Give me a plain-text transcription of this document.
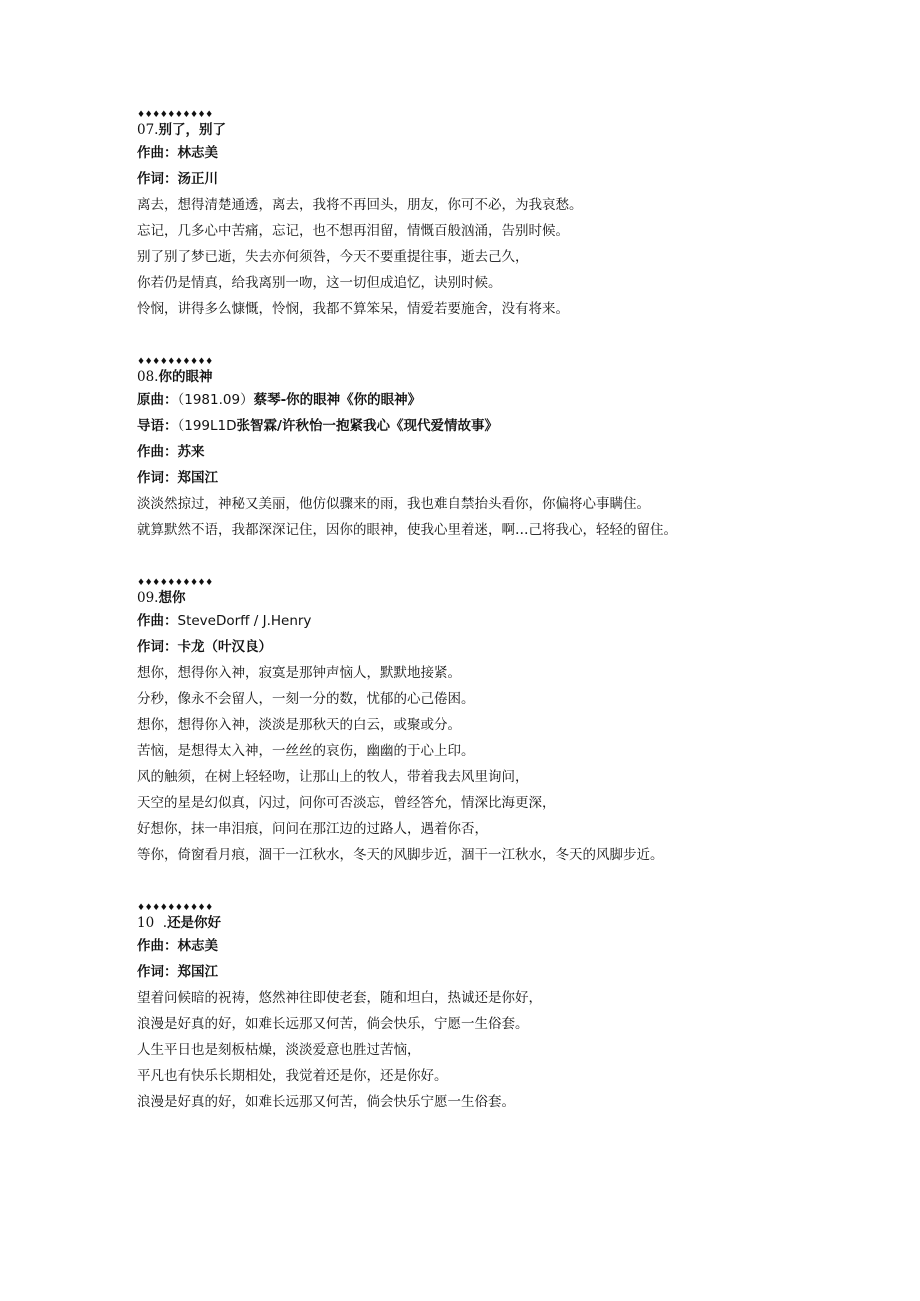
♦♦♦♦♦♦♦♦♦♦
07.别了，别了
作曲：林志美
作词：汤正川
离去，想得清楚通透，离去，我将不再回头，朋友，你可不必，为我哀愁。
忘记，几多心中苦痛，忘记，也不想再泪留，情慨百般汹涌，告别时候。
别了别了梦已逝，失去亦何须咎，今天不要重提往事，逝去己久，
你若仍是情真，给我离别一吻，这一切但成追忆，诀别时候。
怜悯，讲得多么慷慨，怜悯，我都不算笨呆，情爱若要施舍，没有将来。
♦♦♦♦♦♦♦♦♦♦
08.你的眼神
原曲：（1981.09）蔡琴-你的眼神《你的眼神》
导语：（199L1D张智霖/许秋怡一抱紧我心《现代爱情故事》
作曲：苏来
作词：郑国江
淡淡然掠过，神秘又美丽，他仿似骤来的雨，我也难自禁抬头看你，你偏将心事瞒住。
就算默然不语，我都深深记住，因你的眼神，使我心里着迷，啊…己将我心，轻轻的留住。
♦♦♦♦♦♦♦♦♦♦
09.想你
作曲：SteveDorff / J.Henry
作词：卡龙（叶汉良）
想你，想得你入神，寂寞是那钟声恼人，默默地接紧。
分秒，像永不会留人，一刻一分的数，忧郁的心己倦困。
想你，想得你入神，淡淡是那秋天的白云，或聚或分。
苦恼，是想得太入神，一丝丝的哀伤，幽幽的于心上印。
风的触须，在树上轻轻吻，让那山上的牧人，带着我去风里询问，
天空的星是幻似真，闪过，问你可否淡忘，曾经答允，情深比海更深，
好想你，抹一串泪痕，问问在那江边的过路人，遇着你否，
等你，倚窗看月痕，涸干一江秋水，冬天的风脚步近，涸干一江秋水，冬天的风脚步近。
♦♦♦♦♦♦♦♦♦♦
10  .还是你好
作曲：林志美
作词：郑国江
望着问候暗的祝祷，悠然神往即使老套，随和坦白，热诚还是你好，
浪漫是好真的好，如难长远那又何苦，倘会快乐，宁愿一生俗套。
人生平日也是刻板枯燥，淡淡爱意也胜过苦恼，
平凡也有快乐长期相处，我觉着还是你，还是你好。
浪漫是好真的好，如难长远那又何苦，倘会快乐宁愿一生俗套。
